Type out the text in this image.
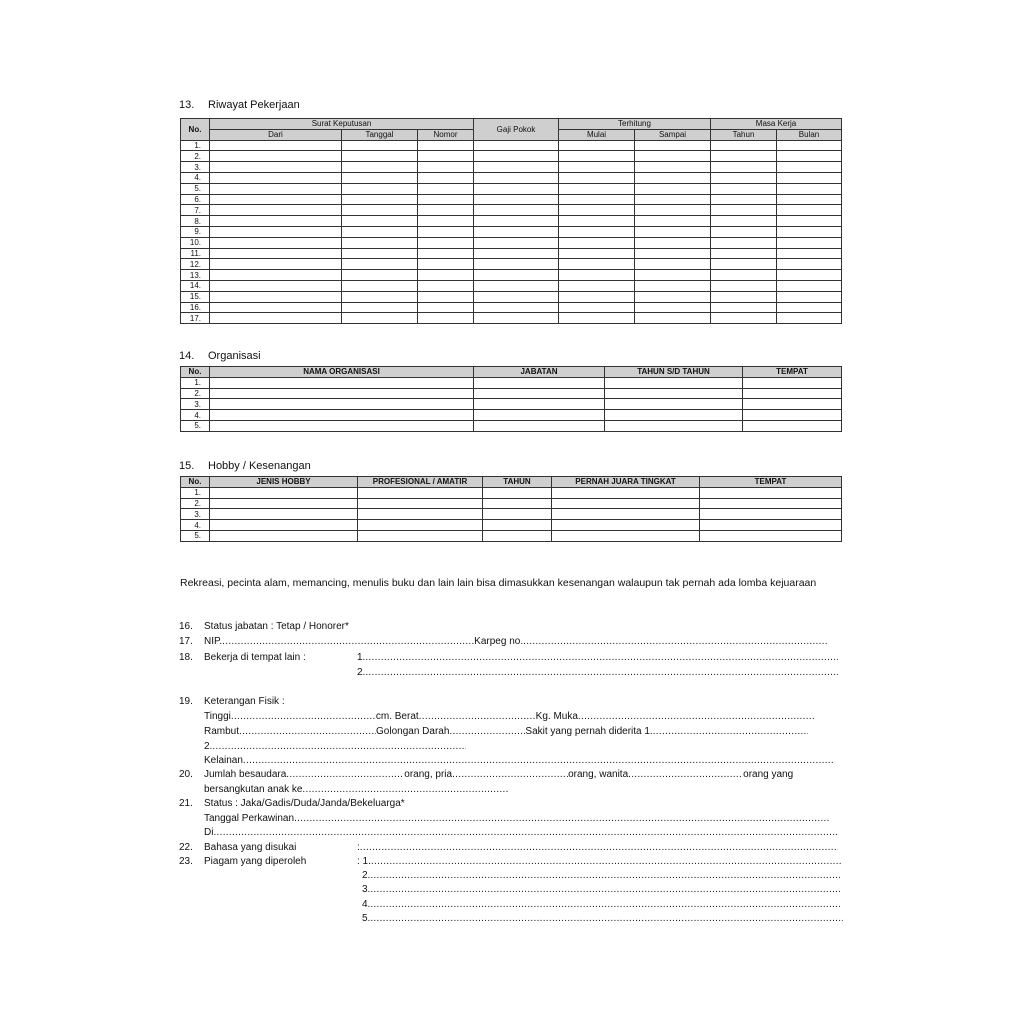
13. Riwayat Pekerjaan
No.	Surat Keputusan			Gaji Pokok	Terhitung		Masa Kerja	
	Dari	Tanggal	Nomor		Mulai	Sampai	Tahun	Bulan
1.								
2.								
3.								
4.								
5.								
6.								
7.								
8.								
9.								
10.								
11.								
12.								
13.								
14.								
15.								
16.								
17.								
14. Organisasi
No.	NAMA ORGANISASI	JABATAN	TAHUN S/D TAHUN	TEMPAT
1.				
2.				
3.				
4.				
5.				
15. Hobby / Kesenangan
No.	JENIS HOBBY	PROFESIONAL / AMATIR	TAHUN	PERNAH JUARA TINGKAT	TEMPAT
1.					
2.					
3.					
4.					
5.					
Rekreasi, pecinta alam, memancing, menulis buku dan lain lain bisa dimasukkan kesenangan walaupun tak pernah ada lomba kejuaraan
16. Status jabatan : Tetap / Honorer*
17. NIP. .....	Karpeg no......
18. Bekerja di tempat lain :	1......
2......
19. Keterangan Fisik :
Tinggi .....	cm. Berat .....	Kg. Muka.....
Rambut .....	Golongan Darah .....	Sakit yang pernah diderita 1......
2......
Kelainan.....
20. Jumlah besaudara .....	orang, pria .....	orang, wanita .....	orang yang
bersangkutan anak ke.....
21. Status : Jaka/Gadis/Duda/Janda/Bekeluarga*
Tanggal Perkawinan.....
Di.....
22. Bahasa yang disukai	:.....
23. Piagam yang diperoleh	: 1......
2......
3......
4......
5......
